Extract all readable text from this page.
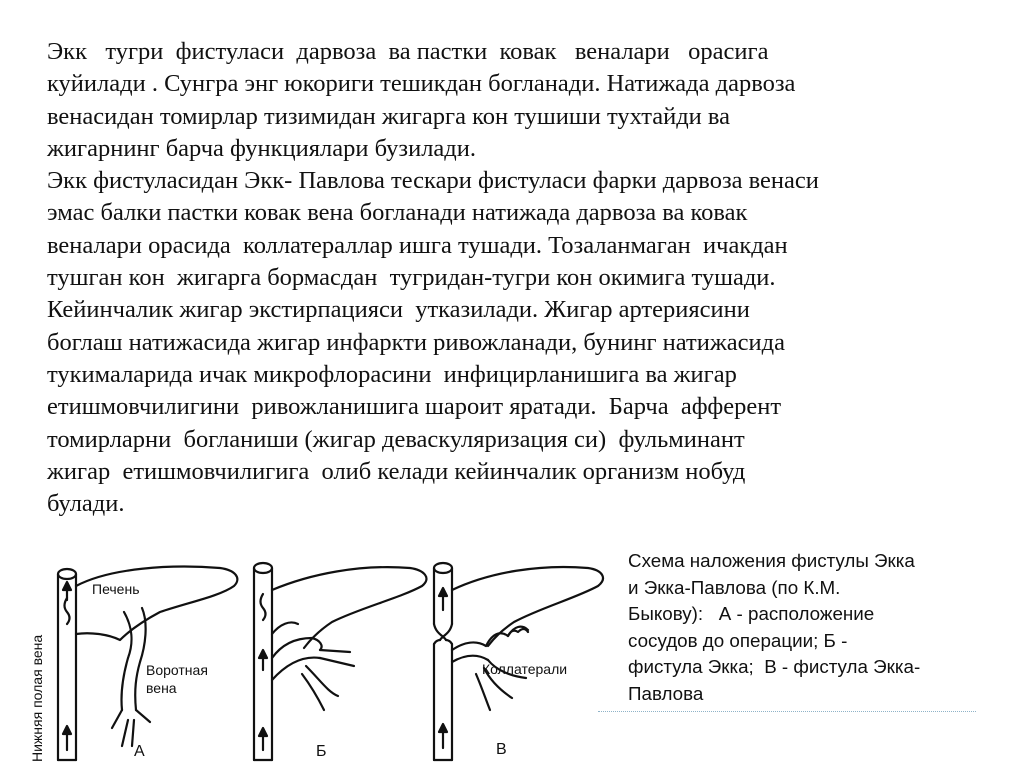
Экк   тугри  фистуласи  дарвоза  ва пастки  ковак   веналари   орасига
куйилади . Сунгра энг юкориги тешикдан богланади. Натижада дарвоза
венасидан томирлар тизимидан жигарга кон тушиши тухтайди ва
жигарнинг барча функциялари бузилади.
Экк фистуласидан Экк- Павлова тескари фистуласи фарки дарвоза венаси
эмас балки пастки ковак вена богланади натижада дарвоза ва ковак
веналари орасида  коллатераллар ишга тушади. Тозаланмаган  ичакдан
тушган кон  жигарга бормасдан  тугридан-тугри кон окимига тушади.
Кейинчалик жигар экстирпацияси  утказилади. Жигар артериясини
боглаш натижасида жигар инфаркти ривожланади, бунинг натижасида
тукималарида ичак микрофлорасини  инфицирланишига ва жигар
етишмовчилигини  ривожланишига шароит яратади.  Барча  афферент
томирларни  богланиши (жигар деваскуляризация си)  фульминант
жигар  етишмовчилигига  олиб келади кейинчалик организм нобуд
булади.
Нижняя полая вена
Печень
Воротная
вена
А	Б
Коллатерали
В
Схема наложения фистулы Экка
и Экка-Павлова (по К.М.
Быкову):   А - расположение
сосудов до операции; Б -
фистула Экка;  В - фистула Экка-
Павлова
